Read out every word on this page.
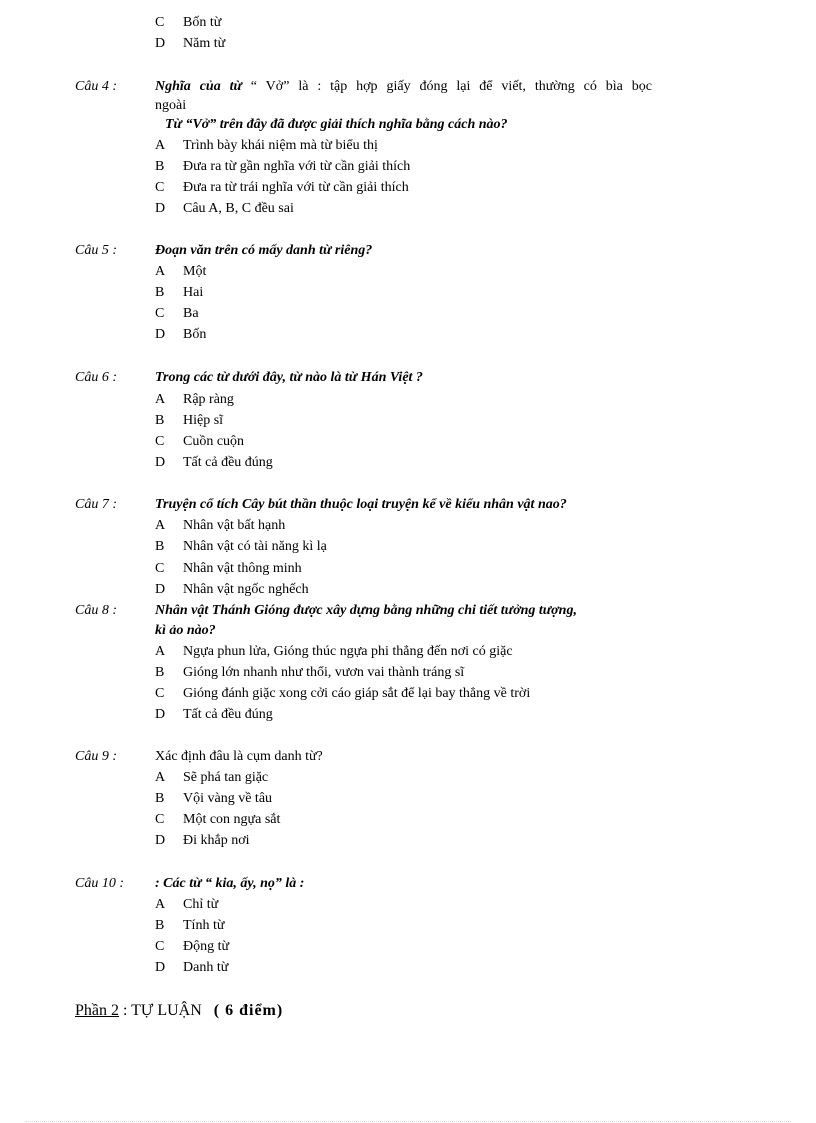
C Bốn từ
D Năm từ
Câu 4 :	Nghĩa của từ “ Vở” là : tập hợp giấy đóng lại để viết, thường có bìa bọc
ngoài
Từ “Vở” trên đây đã được giải thích nghĩa bằng cách nào?
A Trình bày khái niệm mà từ biểu thị
B Đưa ra từ gần nghĩa với từ cần giải thích
C Đưa ra từ trái nghĩa với từ cần giải thích
D Câu A, B, C đều sai
Câu 5 :	Đoạn văn trên có mấy danh từ riêng?
A Một
B Hai
C Ba
D Bốn
Câu 6 :	Trong các từ dưới đây, từ nào là từ Hán Việt ?
A Rập ràng
B Hiệp sĩ
C Cuồn cuộn
D Tất cả đều đúng
Câu 7 :	Truyện cổ tích Cây bút thần thuộc loại truyện kể về kiểu nhân vật nao?
A Nhân vật bất hạnh
B Nhân vật có tài năng kì lạ
C Nhân vật thông minh
D Nhân vật ngốc nghếch
Câu 8 :	Nhân vật Thánh Gióng được xây dựng bằng những chi tiết tưởng tượng,
kì ảo nào?
A Ngựa phun lửa, Gióng thúc ngựa phi thẳng đến nơi có giặc
B Gióng lớn nhanh như thổi, vươn vai thành tráng sĩ
C Gióng đánh giặc xong cởi cáo giáp sắt để lại bay thẳng về trời
D Tất cả đều đúng
Câu 9 :	Xác định đâu là cụm danh từ?
A Sẽ phá tan giặc
B Vội vàng về tâu
C Một con ngựa sắt
D Đi khắp nơi
Câu 10 : : Các từ “ kia, ấy, nọ” là :
A Chỉ từ
B Tính từ
C Động từ
D Danh từ
Phần 2 : TỰ LUẬN ( 6 điểm)
